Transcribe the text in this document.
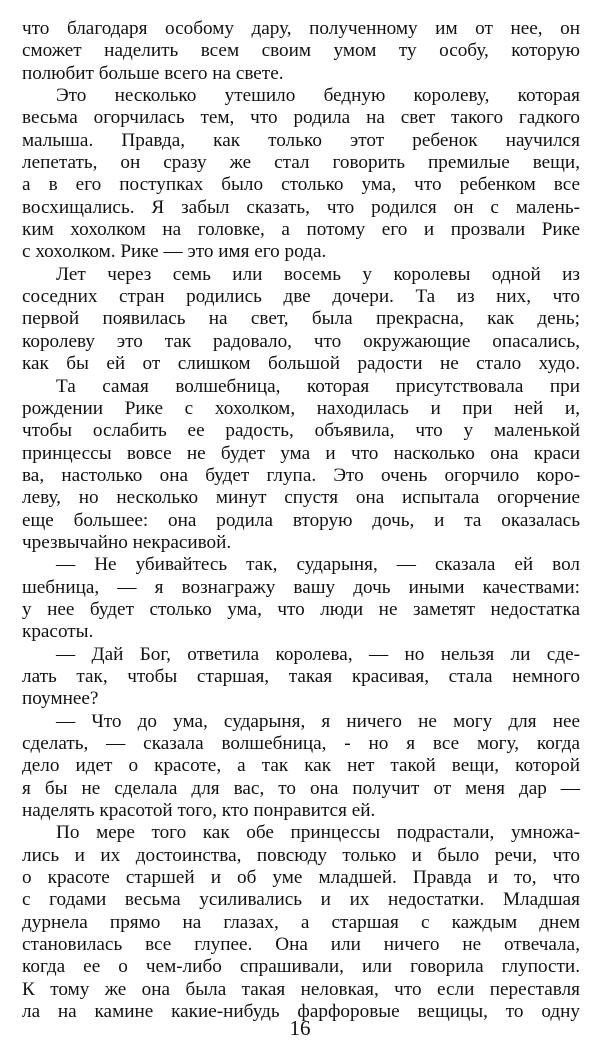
что благодаря особому дару, полученному им от нее, он
сможет наделить всем своим умом ту особу, которую
полюбит больше всего на свете.
Это несколько утешило бедную королеву, которая
весьма огорчилась тем, что родила на свет такого гадкого
малыша. Правда, как только этот ребенок научился
лепетать, он сразу же стал говорить премилые вещи,
а в его поступках было столько ума, что ребенком все
восхищались. Я забыл сказать, что родился он с малень-
ким хохолком на головке, а потому его и прозвали Рике
с хохолком. Рике — это имя его рода.
Лет через семь или восемь у королевы одной из
соседних стран родились две дочери. Та из них, что
первой появилась на свет, была прекрасна, как день;
королеву это так радовало, что окружающие опасались,
как бы ей от слишком большой радости не стало худо.
Та самая волшебница, которая присутствовала при
рождении Рике с хохолком, находилась и при ней и,
чтобы ослабить ее радость, объявила, что у маленькой
принцессы вовсе не будет ума и что насколько она краси
ва, настолько она будет глупа. Это очень огорчило коро-
леву, но несколько минут спустя она испытала огорчение
еще большее: она родила вторую дочь, и та оказалась
чрезвычайно некрасивой.
— Не убивайтесь так, сударыня, — сказала ей вол
шебница, — я вознагражу вашу дочь иными качествами:
у нее будет столько ума, что люди не заметят недостатка
красоты.
— Дай Бог, ответила королева, — но нельзя ли сде-
лать так, чтобы старшая, такая красивая, стала немного
поумнее?
— Что до ума, сударыня, я ничего не могу для нее
сделать, — сказала волшебница, - но я все могу, когда
дело идет о красоте, а так как нет такой вещи, которой
я бы не сделала для вас, то она получит от меня дар —
наделять красотой того, кто понравится ей.
По мере того как обе принцессы подрастали, умножа-
лись и их достоинства, повсюду только и было речи, что
о красоте старшей и об уме младшей. Правда и то, что
с годами весьма усиливались и их недостатки. Младшая
дурнела прямо на глазах, а старшая с каждым днем
становилась все глупее. Она или ничего не отвечала,
когда ее о чем-либо спрашивали, или говорила глупости.
К тому же она была такая неловкая, что если переставля
ла на камине какие-нибудь фарфоровые вещицы, то одну
16
